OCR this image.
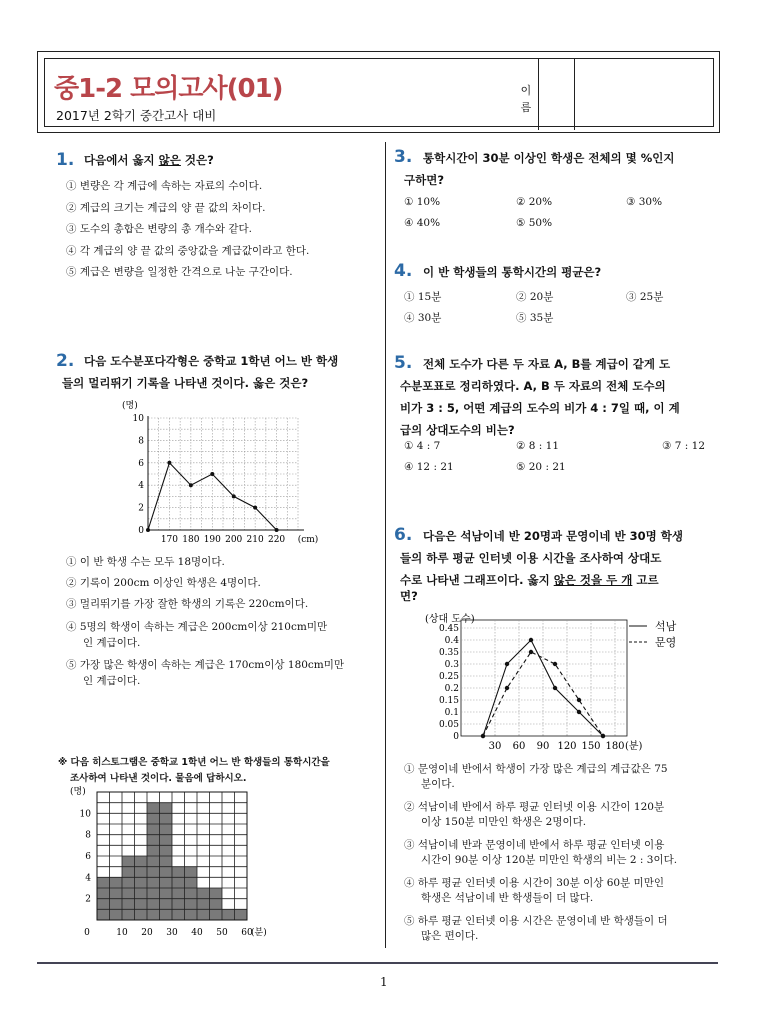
중1-2 모의고사(01)
2017년 2학기 중간고사 대비
이
름
1. 다음에서 옳지 않은 것은?
① 변량은 각 계급에 속하는 자료의 수이다.
② 계급의 크기는 계급의 양 끝 값의 차이다.
③ 도수의 총합은 변량의 총 개수와 같다.
④ 각 계급의 양 끝 값의 중앙값을 계급값이라고 한다.
⑤ 계급은 변량을 일정한 간격으로 나눈 구간이다.
2. 다음 도수분포다각형은 중학교 1학년 어느 반 학생
들의 멀리뛰기 기록을 나타낸 것이다. 옳은 것은?
0
2
4
6
8
10
(명)
170 180 190 200 210 220 (cm)
① 이 반 학생 수는 모두 18명이다.
② 기록이 200cm 이상인 학생은 4명이다.
③ 멀리뛰기를 가장 잘한 학생의 기록은 220cm이다.
④ 5명의 학생이 속하는 계급은 200cm이상 210cm미만
인 계급이다.
⑤ 가장 많은 학생이 속하는 계급은 170cm이상 180cm미만
인 계급이다.
※ 다음 히스토그램은 중학교 1학년 어느 반 학생들의 통학시간을
조사하여 나타낸 것이다. 물음에 답하시오.
2
4
6
8
10
(명)
0	10 20 30 40 50 60
(분)
3. 통학시간이 30분 이상인 학생은 전체의 몇 %인지
구하면?
① 10%	② 20%	③ 30%
④ 40%	⑤ 50%
4. 이 반 학생들의 통학시간의 평균은?
① 15분	② 20분	③ 25분
④ 30분	⑤ 35분
5. 전체 도수가 다른 두 자료 A, B를 계급이 같게 도
수분포표로 정리하였다. A, B 두 자료의 전체 도수의
비가 3 : 5, 어떤 계급의 도수의 비가 4 : 7일 때, 이 계
급의 상대도수의 비는?
① 4 : 7	② 8 : 11	③ 7 : 12
④ 12 : 21	⑤ 20 : 21
6. 다음은 석남이네 반 20명과 문영이네 반 30명 학생
들의 하루 평균 인터넷 이용 시간을 조사하여 상대도
수로 나타낸 그래프이다. 옳지 않은 것을 두 개 고르
면?
0.45
0.4
0.35
0.3
0.25
0.2
0.15
0.1
0.05
0
(상대 도수)
30 60 90 120 150 180 (분)
석남
문영
① 문영이네 반에서 학생이 가장 많은 계급의 계급값은 75
분이다.
② 석남이네 반에서 하루 평균 인터넷 이용 시간이 120분
이상 150분 미만인 학생은 2명이다.
③ 석남이네 반과 문영이네 반에서 하루 평균 인터넷 이용
시간이 90분 이상 120분 미만인 학생의 비는 2 : 3이다.
④ 하루 평균 인터넷 이용 시간이 30분 이상 60분 미만인
학생은 석남이네 반 학생들이 더 많다.
⑤ 하루 평균 인터넷 이용 시간은 문영이네 반 학생들이 더
많은 편이다.
1
